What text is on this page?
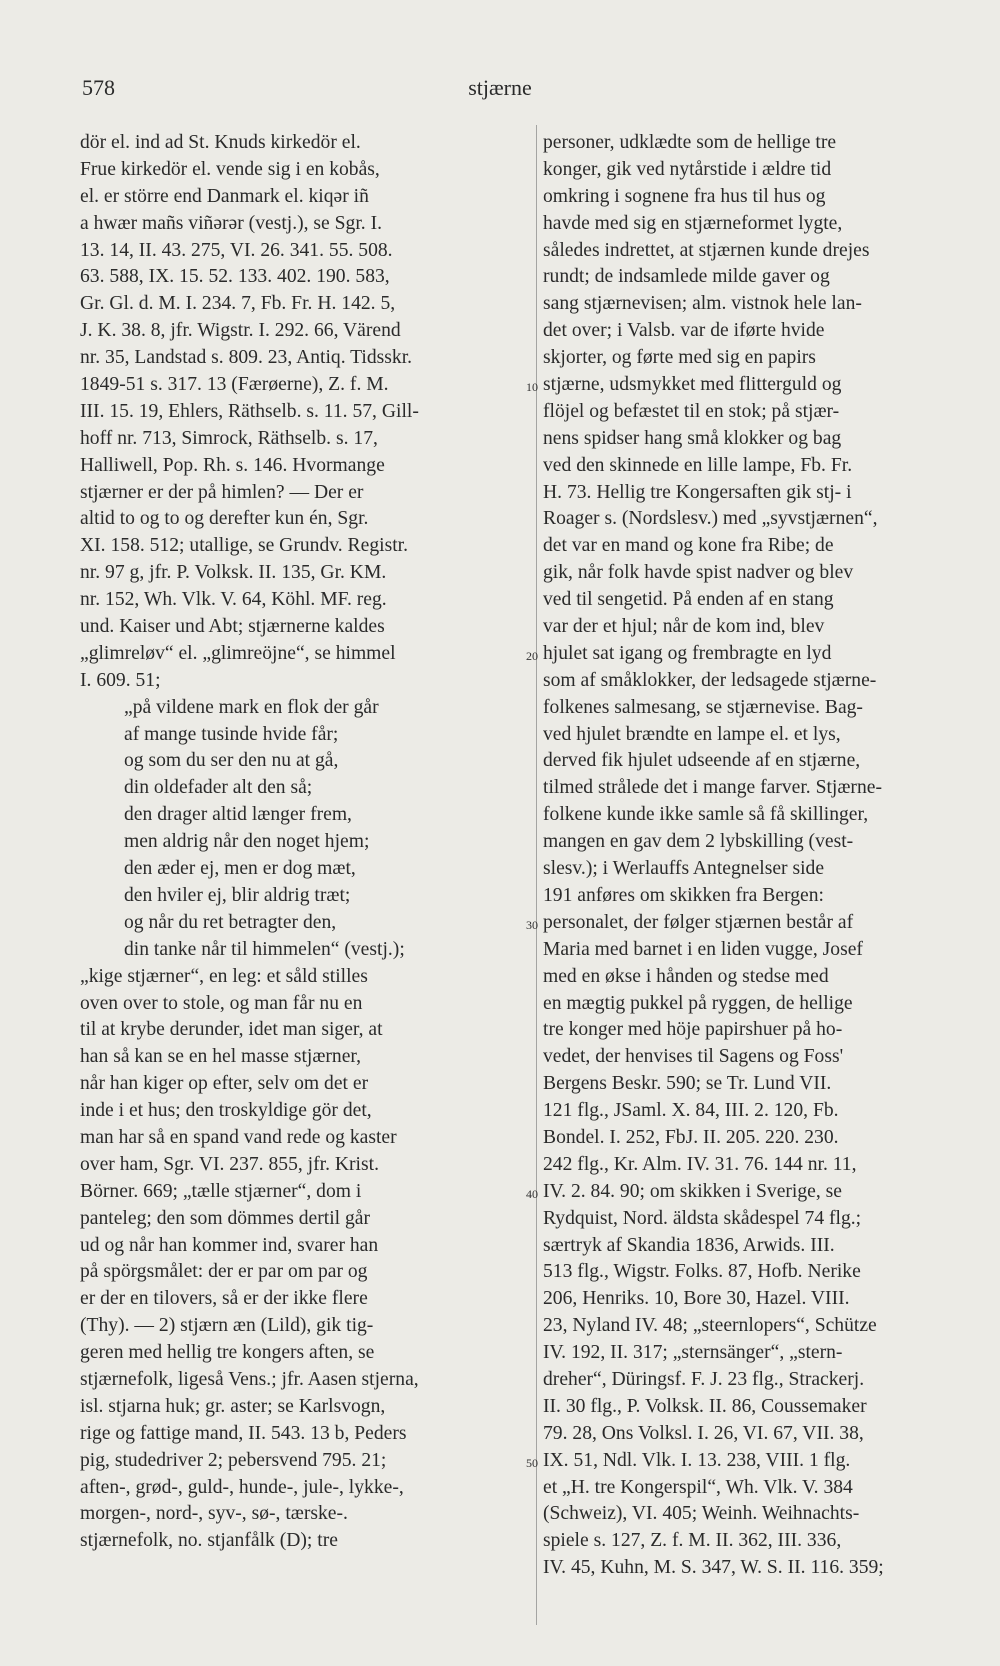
578	stjærne
dör el. ind ad St. Knuds kirkedör el.
Frue kirkedör el. vende sig i en kobås,
el. er större end Danmark el. kiqər iñ
a hwær mañs viñərər (vestj.), se Sgr. I.
13. 14, II. 43. 275, VI. 26. 341. 55. 508.
63. 588, IX. 15. 52. 133. 402. 190. 583,
Gr. Gl. d. M. I. 234. 7, Fb. Fr. H. 142. 5,
J. K. 38. 8, jfr. Wigstr. I. 292. 66, Värend
nr. 35, Landstad s. 809. 23, Antiq. Tidsskr.
1849-51 s. 317. 13 (Færøerne), Z. f. M.
III. 15. 19, Ehlers, Räthselb. s. 11. 57, Gill-
hoff nr. 713, Simrock, Räthselb. s. 17,
Halliwell, Pop. Rh. s. 146. Hvormange
stjærner er der på himlen? — Der er
altid to og to og derefter kun én, Sgr.
XI. 158. 512; utallige, se Grundv. Registr.
nr. 97 g, jfr. P. Volksk. II. 135, Gr. KM.
nr. 152, Wh. Vlk. V. 64, Köhl. MF. reg.
und. Kaiser und Abt; stjærnerne kaldes
„glimreløv“ el. „glimreöjne“, se himmel
I. 609. 51;
„på vildene mark en flok der går
af mange tusinde hvide får;
og som du ser den nu at gå,
din oldefader alt den så;
den drager altid længer frem,
men aldrig når den noget hjem;
den æder ej, men er dog mæt,
den hviler ej, blir aldrig træt;
og når du ret betragter den,
din tanke når til himmelen“ (vestj.);
„kige stjærner“, en leg: et såld stilles
oven over to stole, og man får nu en
til at krybe derunder, idet man siger, at
han så kan se en hel masse stjærner,
når han kiger op efter, selv om det er
inde i et hus; den troskyldige gör det,
man har så en spand vand rede og kaster
over ham, Sgr. VI. 237. 855, jfr. Krist.
Börner. 669; „tælle stjærner“, dom i
panteleg; den som dömmes dertil går
ud og når han kommer ind, svarer han
på spörgsmålet: der er par om par og
er der en tilovers, så er der ikke flere
(Thy). — 2) stjærn æn (Lild), gik tig-
geren med hellig tre kongers aften, se
stjærnefolk, ligeså Vens.; jfr. Aasen stjerna,
isl. stjarna huk; gr. aster; se Karlsvogn,
rige og fattige mand, II. 543. 13 b, Peders
pig, studedriver 2; pebersvend 795. 21;
aften-, grød-, guld-, hunde-, jule-, lykke-,
morgen-, nord-, syv-, sø-, tærske-.
stjærnefolk, no. stjanfålk (D); tre
personer, udklædte som de hellige tre
konger, gik ved nytårstide i ældre tid
omkring i sognene fra hus til hus og
havde med sig en stjærneformet lygte,
således indrettet, at stjærnen kunde drejes
rundt; de indsamlede milde gaver og
sang stjærnevisen; alm. vistnok hele lan-
det over; i Valsb. var de iførte hvide
skjorter, og førte med sig en papirs
stjærne, udsmykket med flitterguld og
flöjel og befæstet til en stok; på stjær-
nens spidser hang små klokker og bag
ved den skinnede en lille lampe, Fb. Fr.
H. 73. Hellig tre Kongersaften gik stj- i
Roager s. (Nordslesv.) med „syvstjærnen“,
det var en mand og kone fra Ribe; de
gik, når folk havde spist nadver og blev
ved til sengetid. På enden af en stang
var der et hjul; når de kom ind, blev
hjulet sat igang og frembragte en lyd
som af småklokker, der ledsagede stjærne-
folkenes salmesang, se stjærnevise. Bag-
ved hjulet brændte en lampe el. et lys,
derved fik hjulet udseende af en stjærne,
tilmed strålede det i mange farver. Stjærne-
folkene kunde ikke samle så få skillinger,
mangen en gav dem 2 lybskilling (vest-
slesv.); i Werlauffs Antegnelser side
191 anføres om skikken fra Bergen:
personalet, der følger stjærnen består af
Maria med barnet i en liden vugge, Josef
med en økse i hånden og stedse med
en mægtig pukkel på ryggen, de hellige
tre konger med höje papirshuer på ho-
vedet, der henvises til Sagens og Foss'
Bergens Beskr. 590; se Tr. Lund VII.
121 flg., JSaml. X. 84, III. 2. 120, Fb.
Bondel. I. 252, FbJ. II. 205. 220. 230.
242 flg., Kr. Alm. IV. 31. 76. 144 nr. 11,
IV. 2. 84. 90; om skikken i Sverige, se
Rydquist, Nord. äldsta skådespel 74 flg.;
særtryk af Skandia 1836, Arwids. III.
513 flg., Wigstr. Folks. 87, Hofb. Nerike
206, Henriks. 10, Bore 30, Hazel. VIII.
23, Nyland IV. 48; „steernlopers“, Schütze
IV. 192, II. 317; „sternsänger“, „stern-
dreher“, Düringsf. F. J. 23 flg., Strackerj.
II. 30 flg., P. Volksk. II. 86, Coussemaker
79. 28, Ons Volksl. I. 26, VI. 67, VII. 38,
IX. 51, Ndl. Vlk. I. 13. 238, VIII. 1 flg.
et „H. tre Kongerspil“, Wh. Vlk. V. 384
(Schweiz), VI. 405; Weinh. Weihnachts-
spiele s. 127, Z. f. M. II. 362, III. 336,
IV. 45, Kuhn, M. S. 347, W. S. II. 116. 359;
10
20
30
40
50
